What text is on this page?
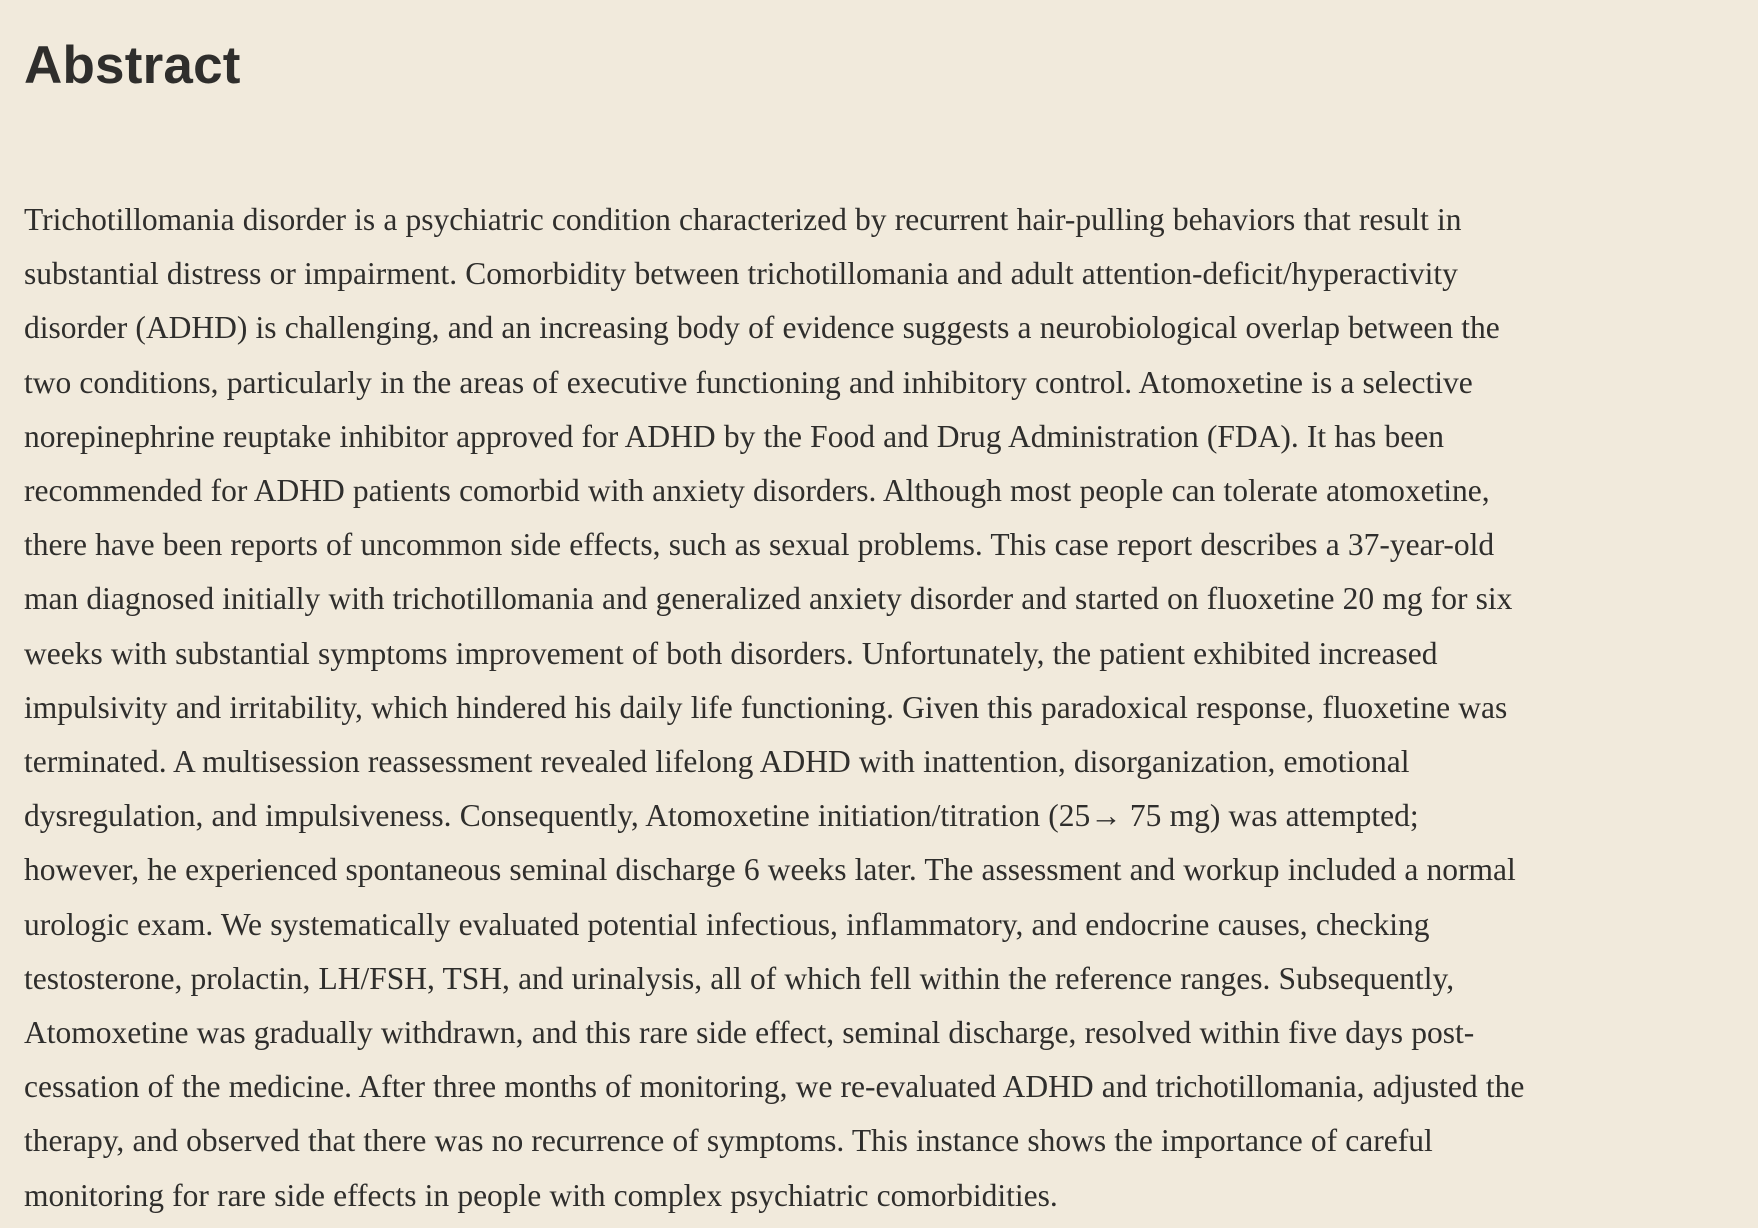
Abstract

Trichotillomania disorder is a psychiatric condition characterized by recurrent hair-pulling behaviors that result in
substantial distress or impairment. Comorbidity between trichotillomania and adult attention-deficit/hyperactivity
disorder (ADHD) is challenging, and an increasing body of evidence suggests a neurobiological overlap between the
two conditions, particularly in the areas of executive functioning and inhibitory control. Atomoxetine is a selective
norepinephrine reuptake inhibitor approved for ADHD by the Food and Drug Administration (FDA). It has been
recommended for ADHD patients comorbid with anxiety disorders. Although most people can tolerate atomoxetine,
there have been reports of uncommon side effects, such as sexual problems. This case report describes a 37-year-old
man diagnosed initially with trichotillomania and generalized anxiety disorder and started on fluoxetine 20 mg for six
weeks with substantial symptoms improvement of both disorders. Unfortunately, the patient exhibited increased
impulsivity and irritability, which hindered his daily life functioning. Given this paradoxical response, fluoxetine was
terminated. A multisession reassessment revealed lifelong ADHD with inattention, disorganization, emotional
dysregulation, and impulsiveness. Consequently, Atomoxetine initiation/titration (25→ 75 mg) was attempted;
however, he experienced spontaneous seminal discharge 6 weeks later. The assessment and workup included a normal
urologic exam. We systematically evaluated potential infectious, inflammatory, and endocrine causes, checking
testosterone, prolactin, LH/FSH, TSH, and urinalysis, all of which fell within the reference ranges. Subsequently,
Atomoxetine was gradually withdrawn, and this rare side effect, seminal discharge, resolved within five days post-
cessation of the medicine. After three months of monitoring, we re-evaluated ADHD and trichotillomania, adjusted the
therapy, and observed that there was no recurrence of symptoms. This instance shows the importance of careful
monitoring for rare side effects in people with complex psychiatric comorbidities.
